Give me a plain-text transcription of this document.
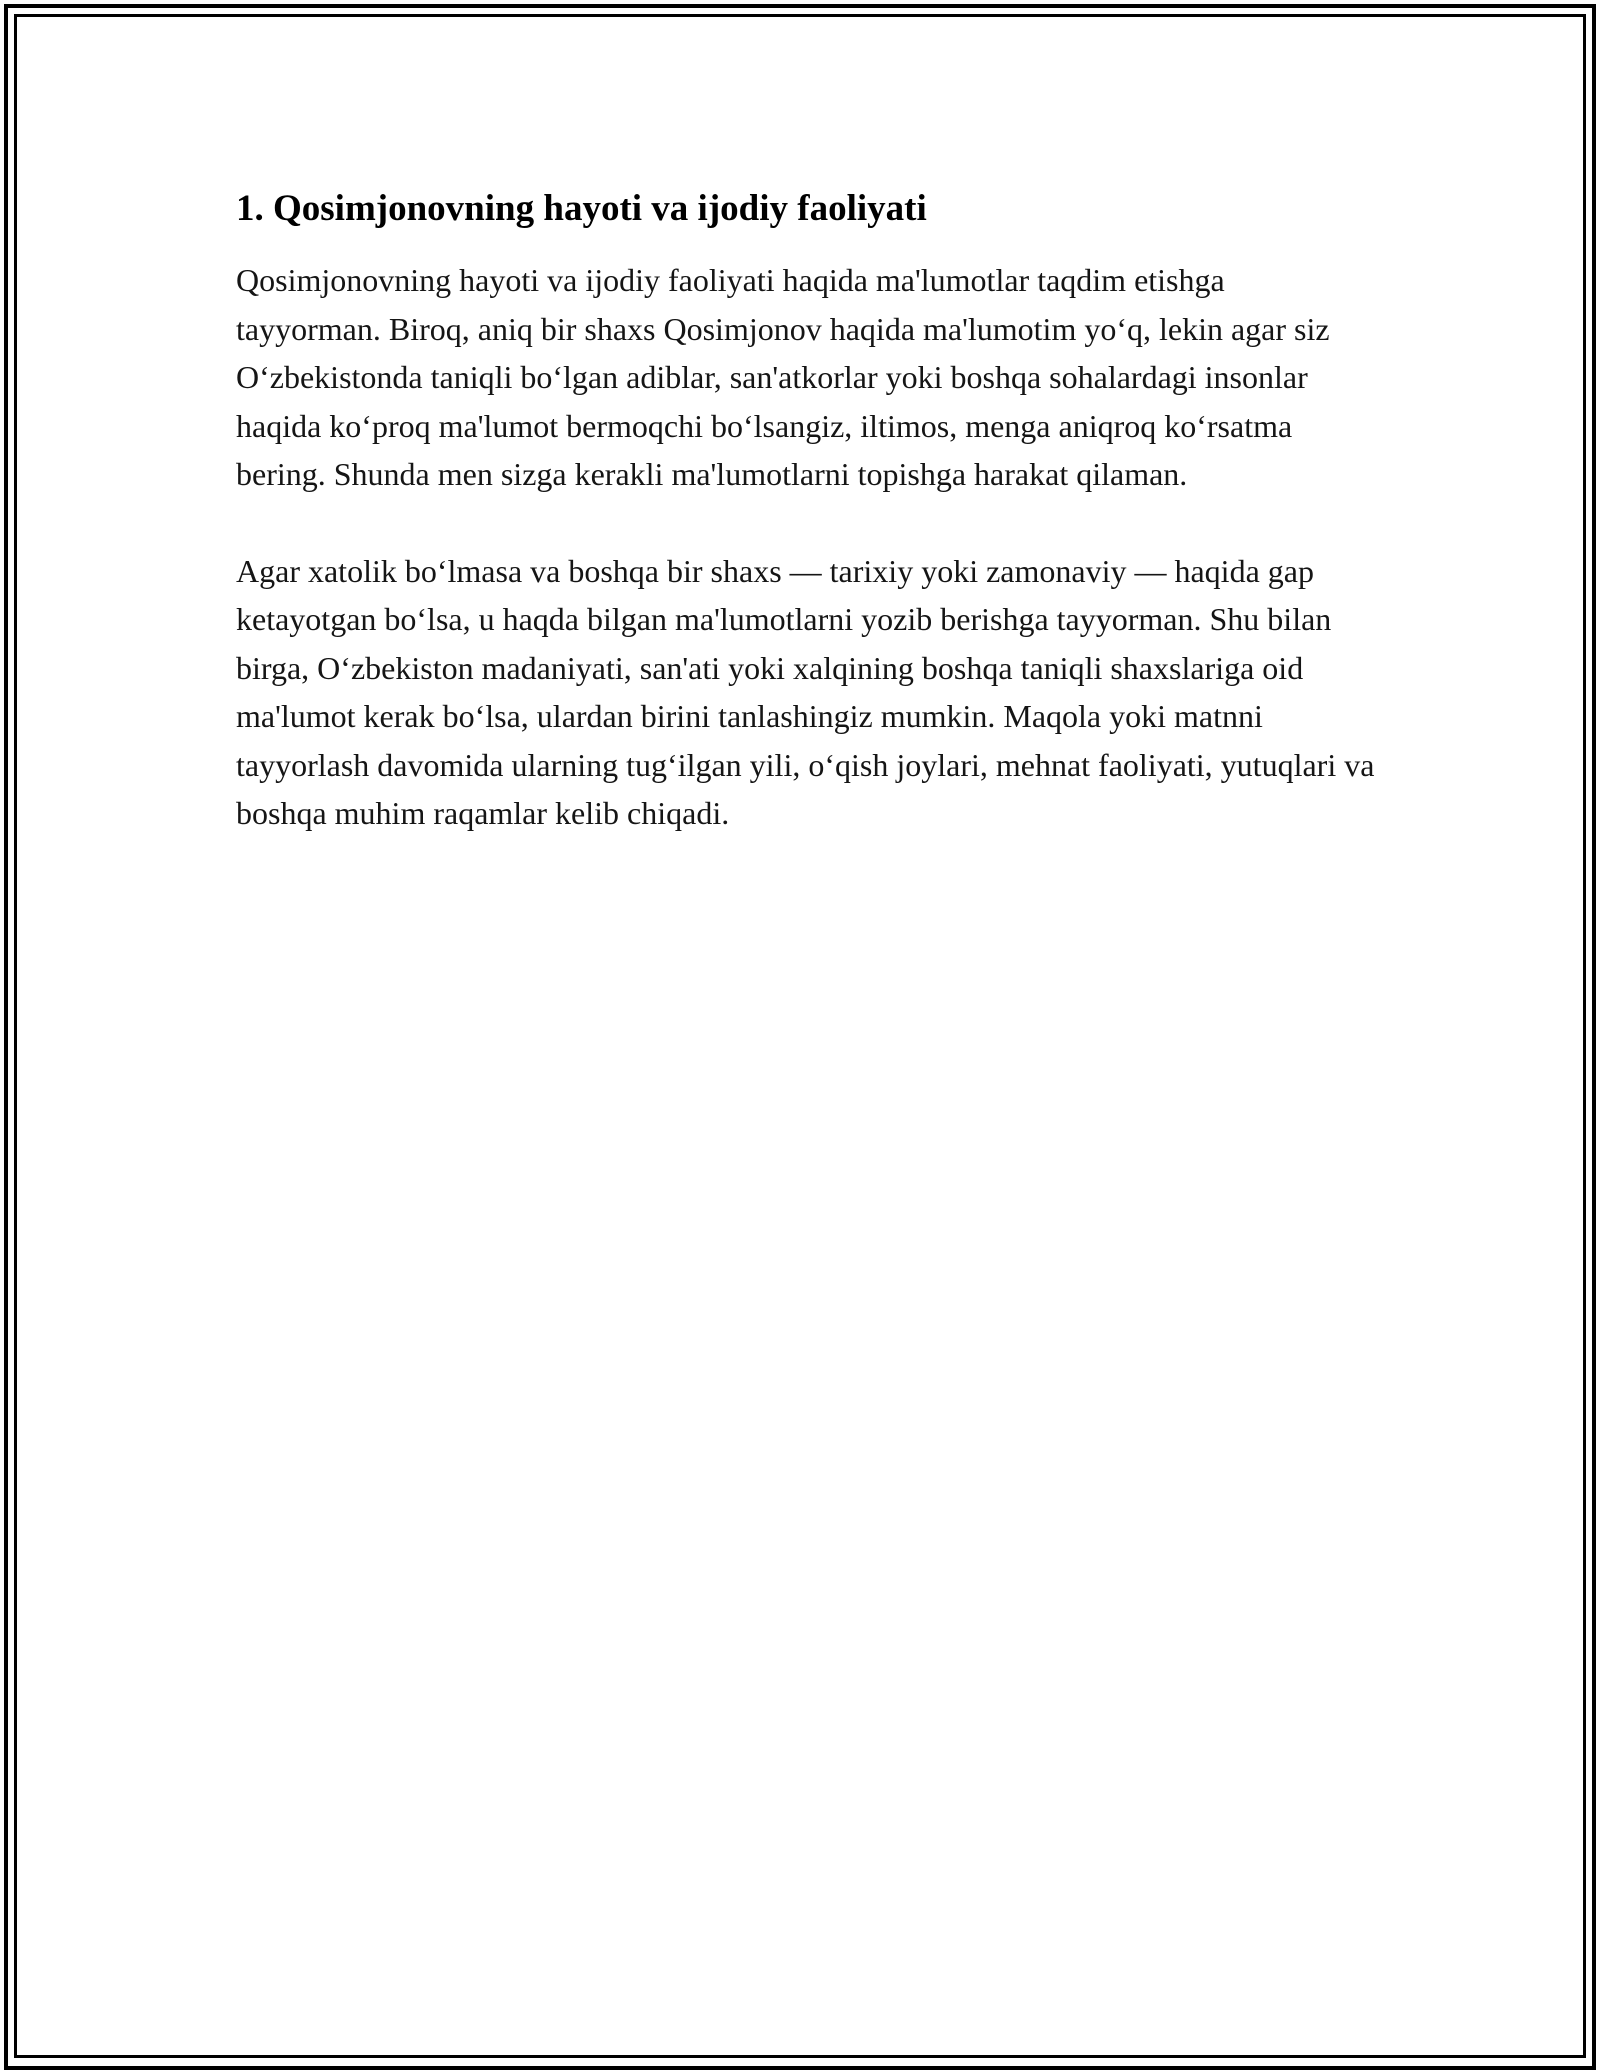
1. Qosimjonovning hayoti va ijodiy faoliyati

Qosimjonovning hayoti va ijodiy faoliyati haqida ma'lumotlar taqdim etishga tayyorman. Biroq, aniq bir shaxs Qosimjonov haqida ma'lumotim yo‘q, lekin agar siz O‘zbekistonda taniqli bo‘lgan adiblar, san'atkorlar yoki boshqa sohalardagi insonlar haqida ko‘proq ma'lumot bermoqchi bo‘lsangiz, iltimos, menga aniqroq ko‘rsatma bering. Shunda men sizga kerakli ma'lumotlarni topishga harakat qilaman.

Agar xatolik bo‘lmasa va boshqa bir shaxs — tarixiy yoki zamonaviy — haqida gap ketayotgan bo‘lsa, u haqda bilgan ma'lumotlarni yozib berishga tayyorman. Shu bilan birga, O‘zbekiston madaniyati, san'ati yoki xalqining boshqa taniqli shaxslariga oid ma'lumot kerak bo‘lsa, ulardan birini tanlashingiz mumkin. Maqola yoki matnni tayyorlash davomida ularning tug‘ilgan yili, o‘qish joylari, mehnat faoliyati, yutuqlari va boshqa muhim raqamlar kelib chiqadi.
